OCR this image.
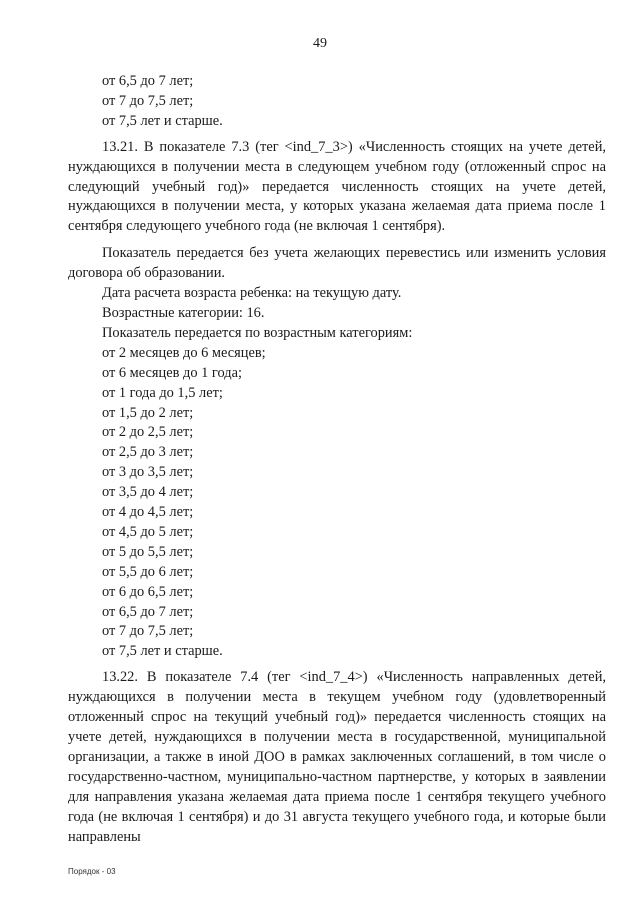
49

от 6,5 до 7 лет;

от 7 до 7,5 лет;

от 7,5 лет и старше.

13.21. В показателе 7.3 (тег <ind_7_3>) «Численность стоящих на учете детей, нуждающихся в получении места в следующем учебном году (отложенный спрос на следующий учебный год)» передается численность стоящих на учете детей, нуждающихся в получении места, у которых указана желаемая дата приема после 1 сентября следующего учебного года (не включая 1 сентября).

Показатель передается без учета желающих перевестись или изменить условия договора об образовании.

Дата расчета возраста ребенка: на текущую дату.

Возрастные категории: 16.

Показатель передается по возрастным категориям:

от 2 месяцев до 6 месяцев;

от 6 месяцев до 1 года;

от 1 года до 1,5 лет;

от 1,5 до 2 лет;

от 2 до 2,5 лет;

от 2,5 до 3 лет;

от 3 до 3,5 лет;

от 3,5 до 4 лет;

от 4 до 4,5 лет;

от 4,5 до 5 лет;

от 5 до 5,5 лет;

от 5,5 до 6 лет;

от 6 до 6,5 лет;

от 6,5 до 7 лет;

от 7 до 7,5 лет;

от 7,5 лет и старше.

13.22. В показателе 7.4 (тег <ind_7_4>) «Численность направленных детей, нуждающихся в получении места в текущем учебном году (удовлетворенный отложенный спрос на текущий учебный год)» передается численность стоящих на учете детей, нуждающихся в получении места в государственной, муниципальной организации, а также в иной ДОО в рамках заключенных соглашений, в том числе о государственно-частном, муниципально-частном партнерстве, у которых в заявлении для направления указана желаемая дата приема после 1 сентября текущего учебного года (не включая 1 сентября) и до 31 августа текущего учебного года, и которые были направлены

Порядок - 03
